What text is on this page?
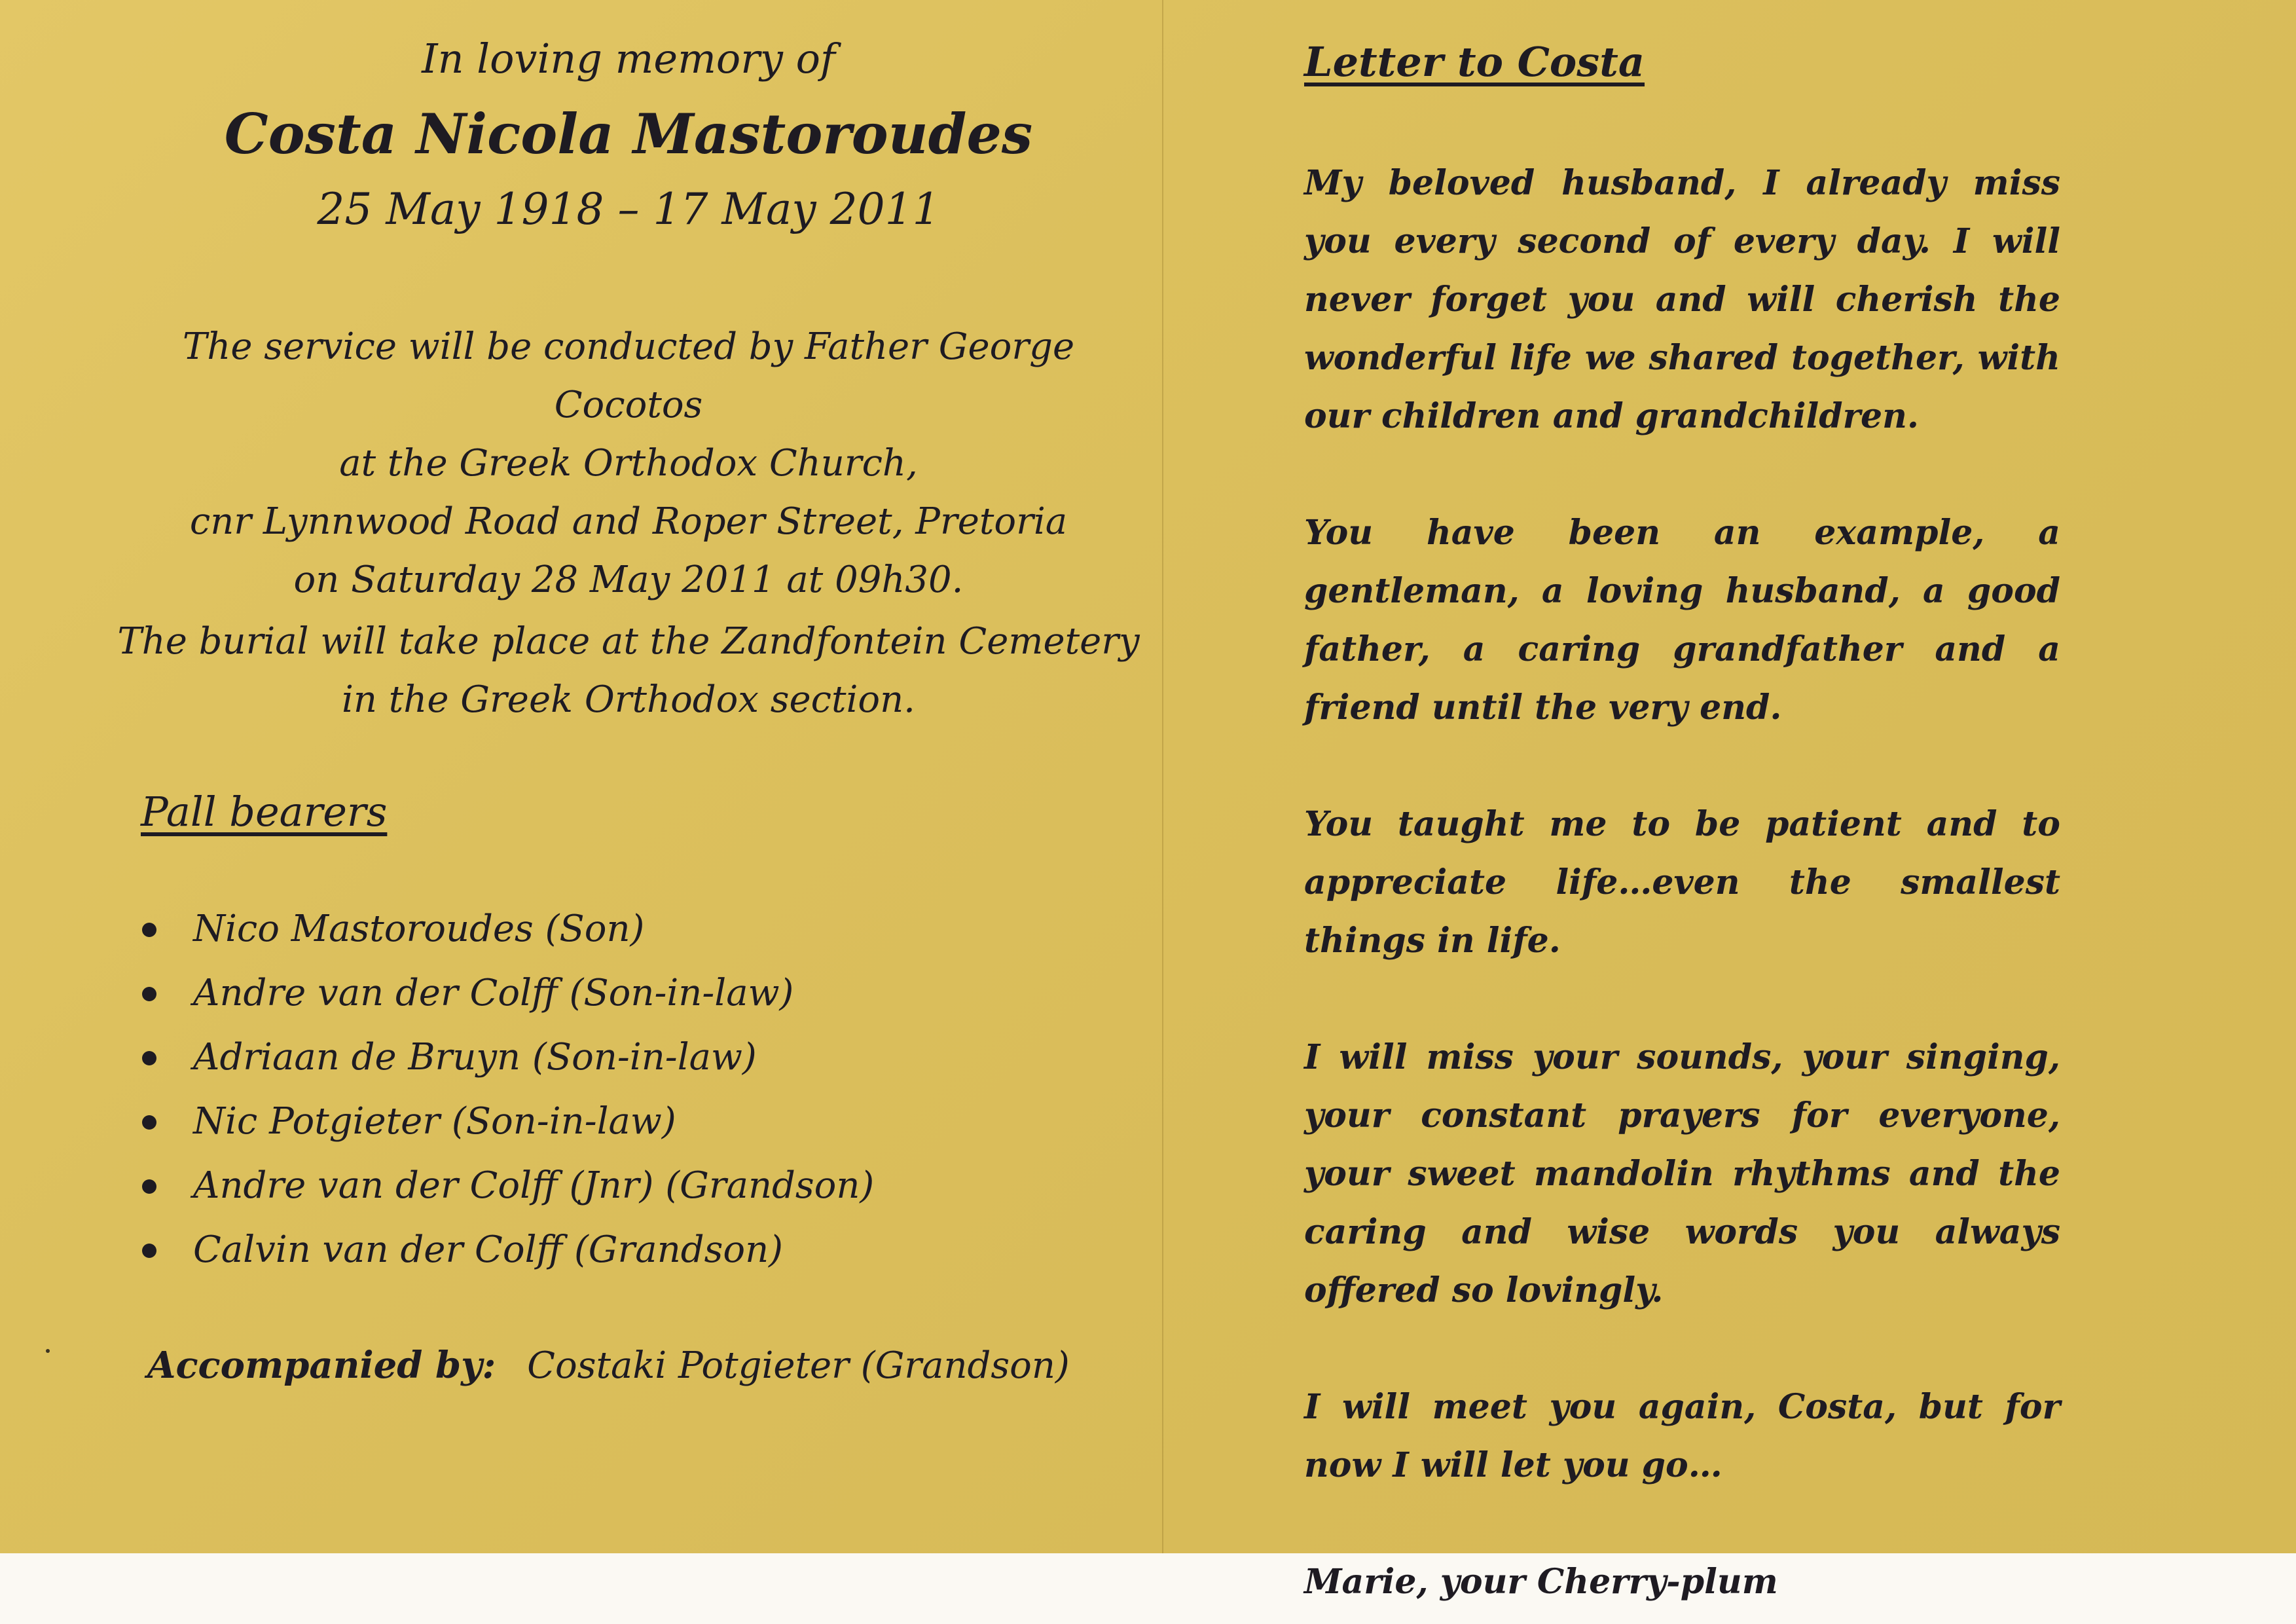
In loving memory of
Costa Nicola Mastoroudes
25 May 1918 – 17 May 2011
The service will be conducted by Father George Cocotos
at the Greek Orthodox Church,
cnr Lynnwood Road and Roper Street, Pretoria
on Saturday 28 May 2011 at 09h30.
The burial will take place at the Zandfontein Cemetery
in the Greek Orthodox section.
Pall bearers
Nico Mastoroudes (Son)
Andre van der Colff (Son-in-law)
Adriaan de Bruyn (Son-in-law)
Nic Potgieter (Son-in-law)
Andre van der Colff (Jnr) (Grandson)
Calvin van der Colff (Grandson)
Accompanied by: Costaki Potgieter (Grandson)
Letter to Costa

My beloved husband, I already miss you every second of every day. I will never forget you and will cherish the wonderful life we shared together, with our children and grandchildren.

You have been an example, a gentleman, a loving husband, a good father, a caring grandfather and a friend until the very end.

You taught me to be patient and to appreciate life…even the smallest things in life.

I will miss your sounds, your singing, your constant prayers for everyone, your sweet mandolin rhythms and the caring and wise words you always offered so lovingly.

I will meet you again, Costa, but for now I will let you go…

Marie, your Cherry-plum
